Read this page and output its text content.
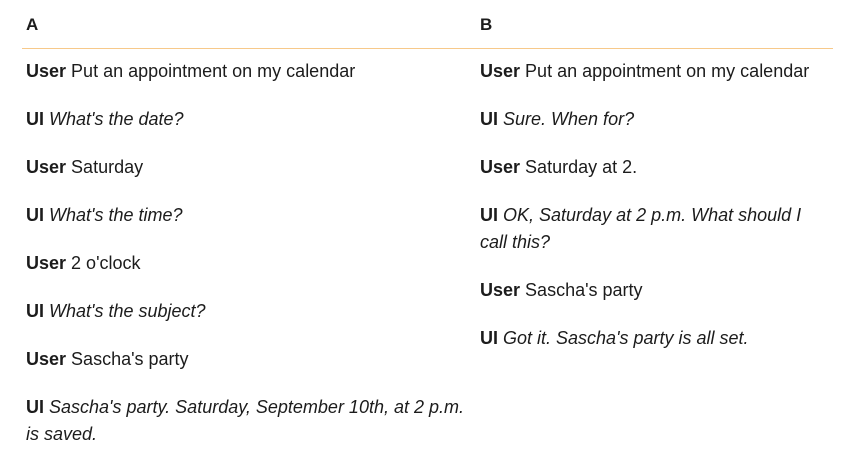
A
User Put an appointment on my calendar
UI What's the date?
User Saturday
UI What's the time?
User 2 o'clock
UI What's the subject?
User Sascha's party
UI Sascha's party. Saturday, September 10th, at 2 p.m. is saved.
B
User Put an appointment on my calendar
UI Sure. When for?
User Saturday at 2.
UI OK, Saturday at 2 p.m. What should I call this?
User Sascha's party
UI Got it. Sascha's party is all set.
